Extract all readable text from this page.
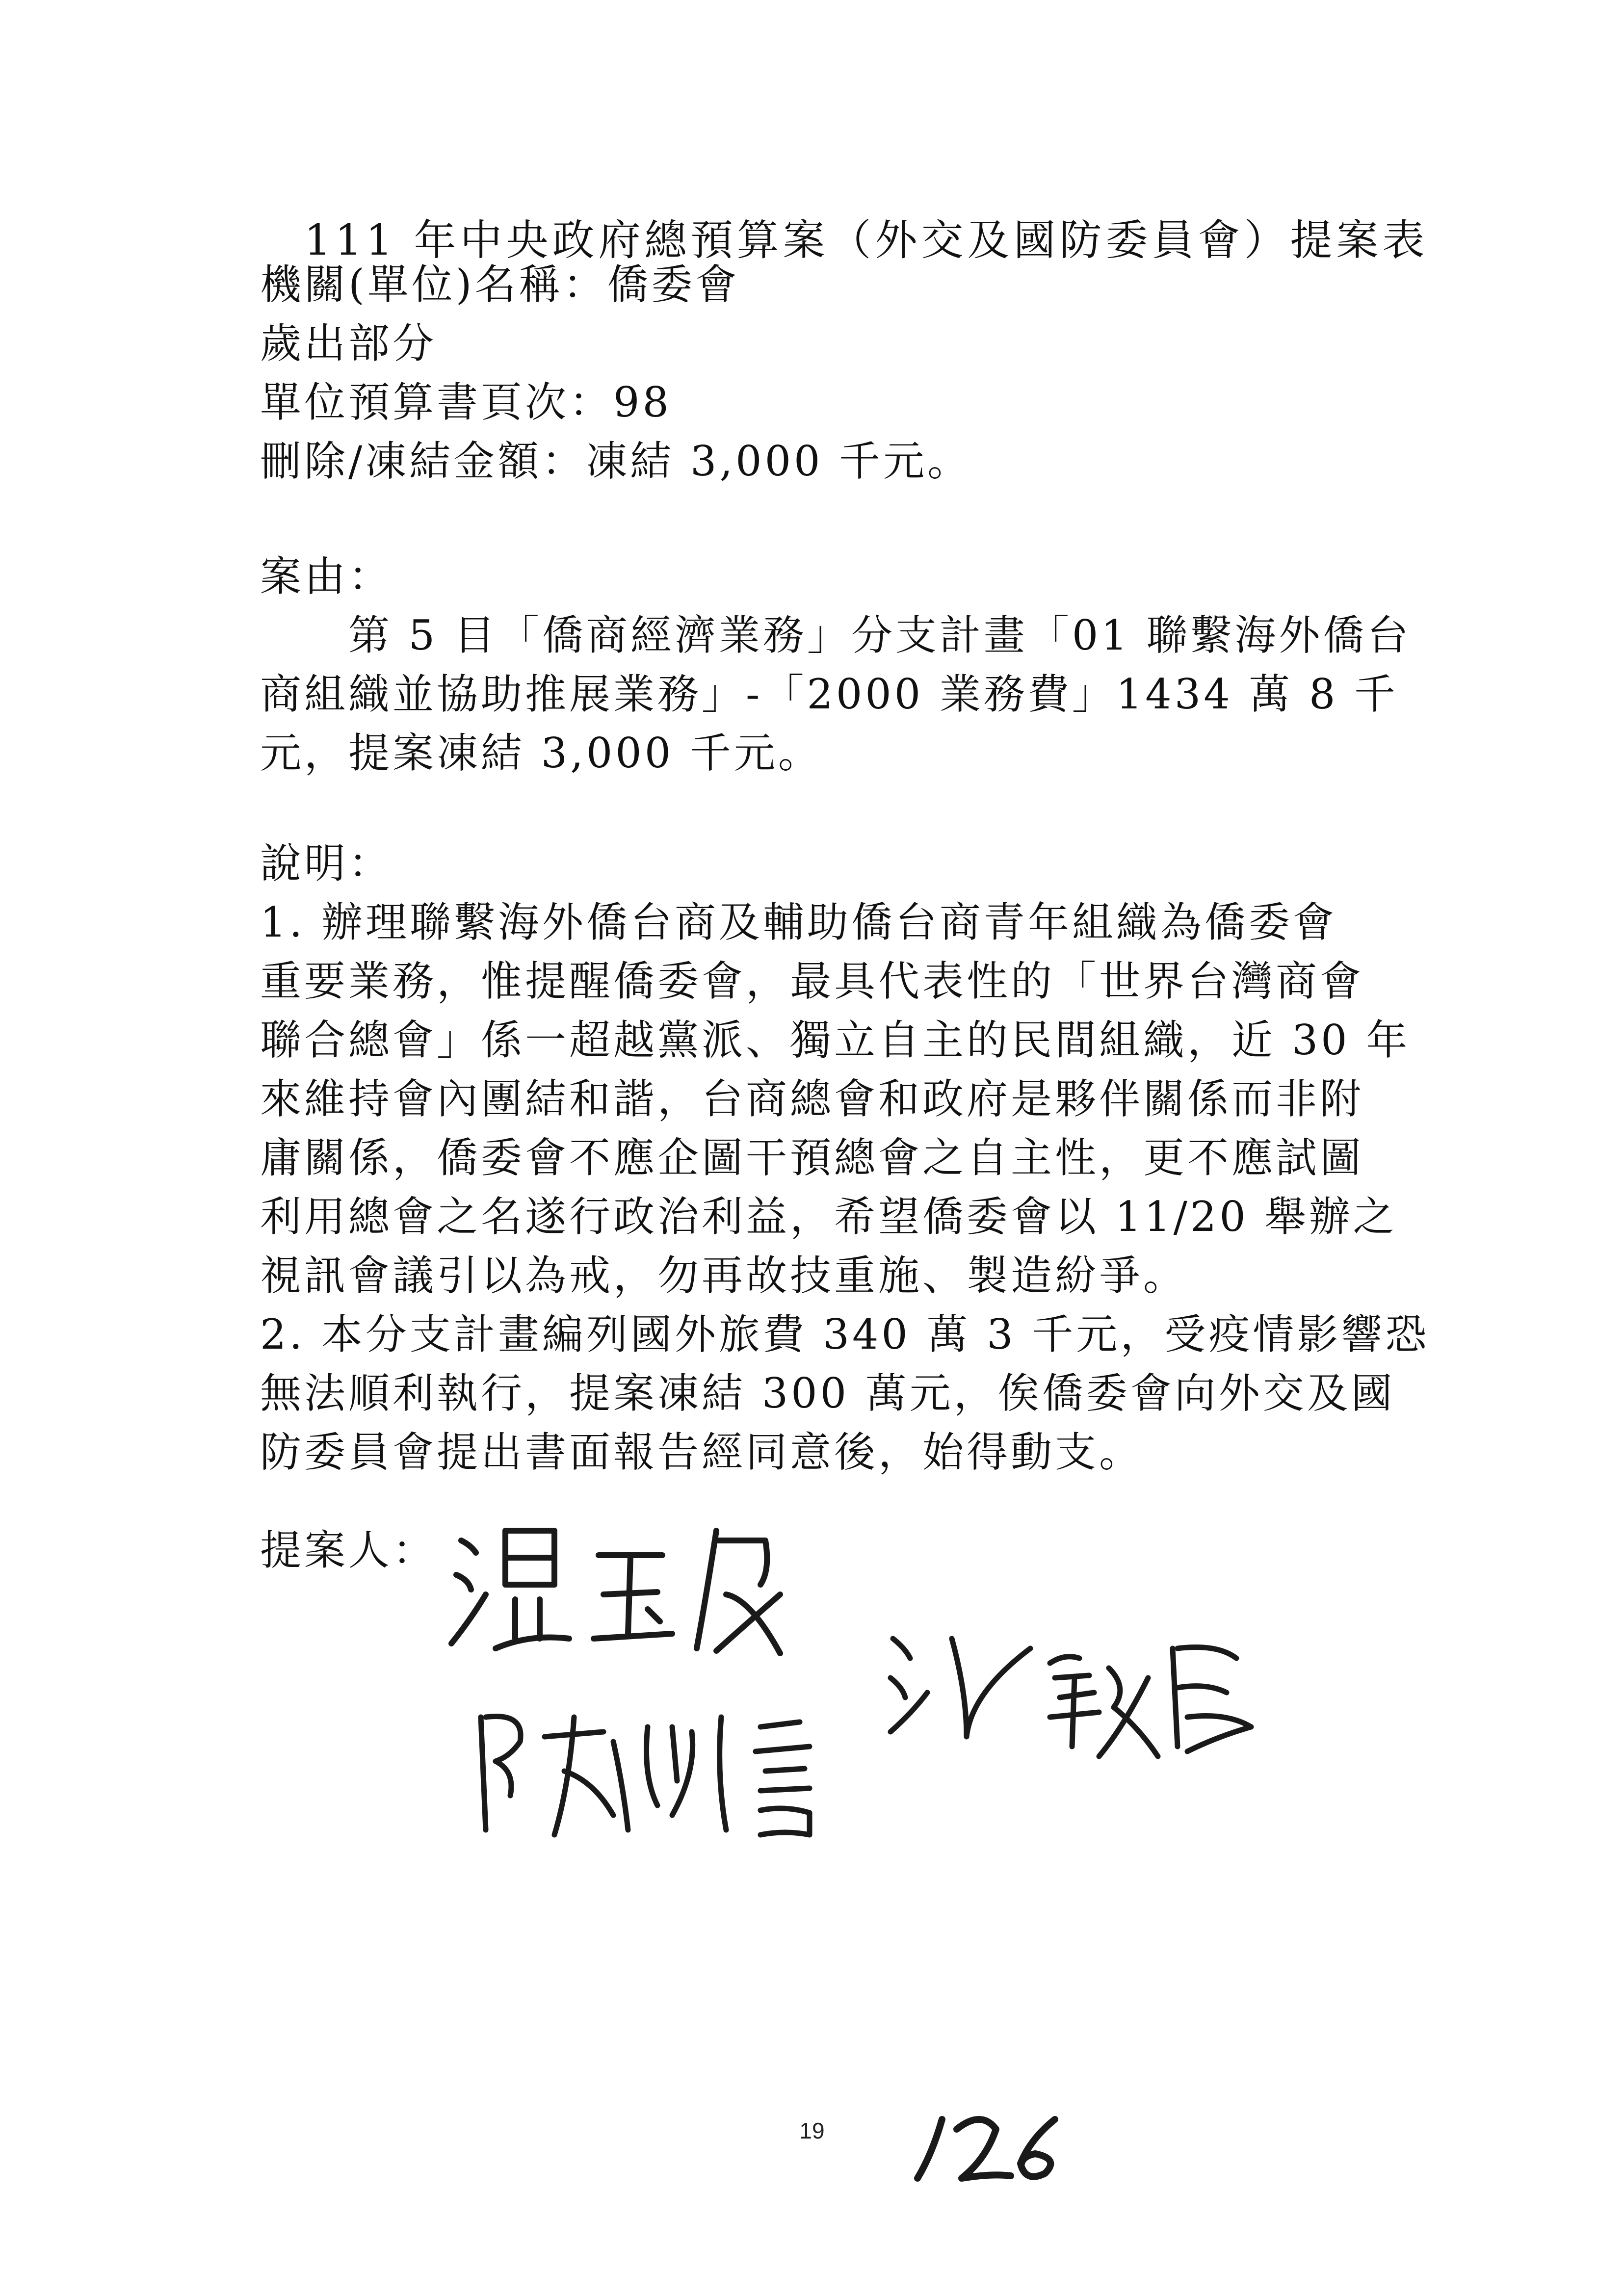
111 年中央政府總預算案（外交及國防委員會）提案表
機關(單位)名稱：僑委會
歲出部分
單位預算書頁次：98
刪除/凍結金額：凍結 3,000 千元。
案由：
第 5 目「僑商經濟業務」分支計畫「01 聯繫海外僑台
商組織並協助推展業務」-「2000 業務費」1434 萬 8 千
元，提案凍結 3,000 千元。
說明：
1. 辦理聯繫海外僑台商及輔助僑台商青年組織為僑委會
重要業務，惟提醒僑委會，最具代表性的「世界台灣商會
聯合總會」係一超越黨派、獨立自主的民間組織，近 30 年
來維持會內團結和諧，台商總會和政府是夥伴關係而非附
庸關係，僑委會不應企圖干預總會之自主性，更不應試圖
利用總會之名遂行政治利益，希望僑委會以 11/20 舉辦之
視訊會議引以為戒，勿再故技重施、製造紛爭。
2. 本分支計畫編列國外旅費 340 萬 3 千元，受疫情影響恐
無法順利執行，提案凍結 300 萬元，俟僑委會向外交及國
防委員會提出書面報告經同意後，始得動支。
提案人：
19
